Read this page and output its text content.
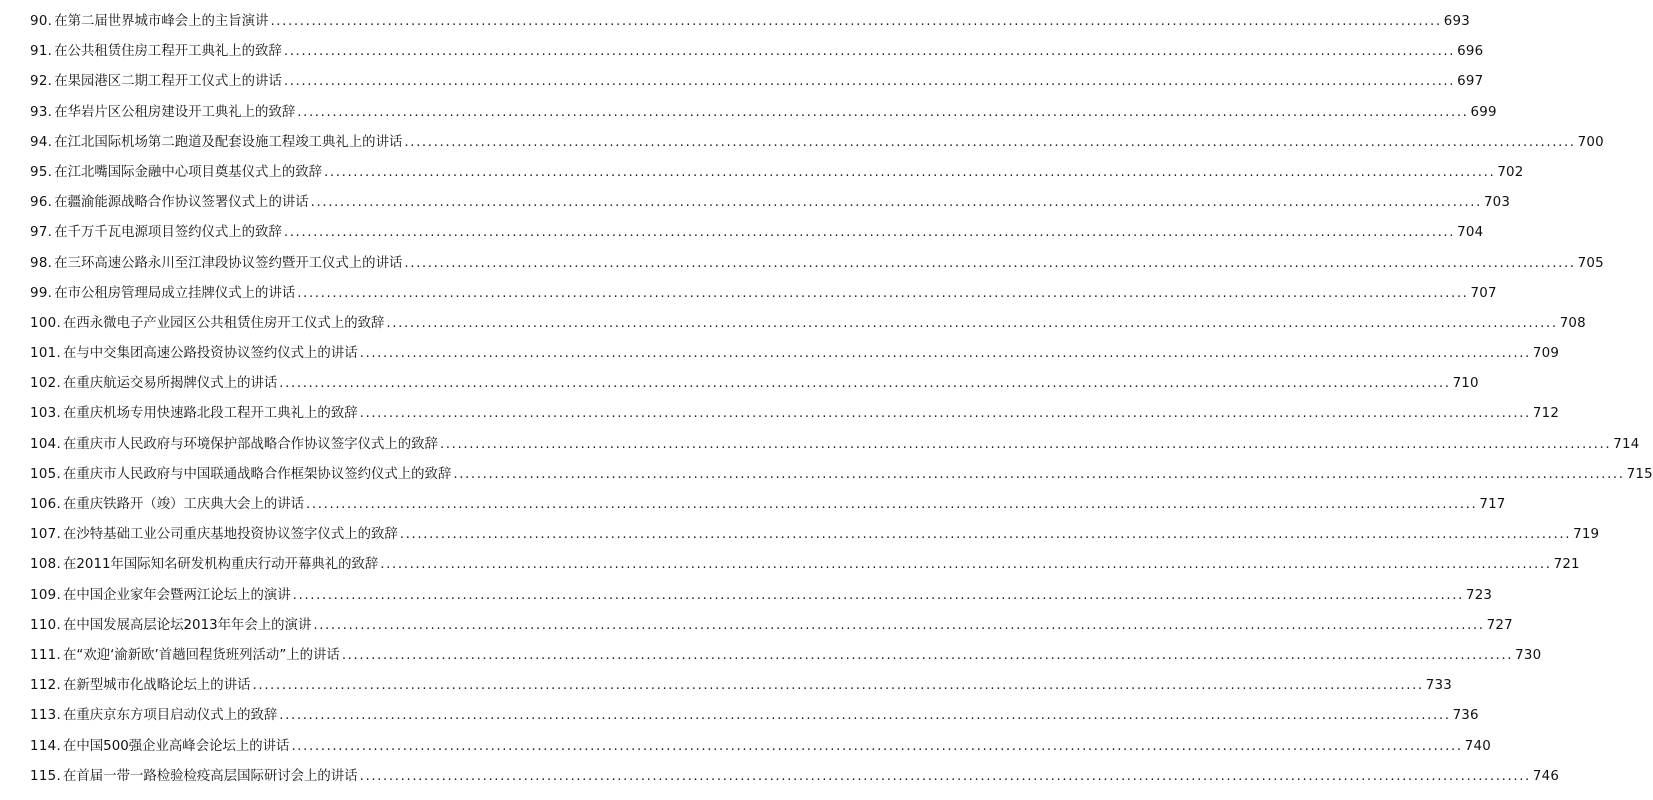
90. 在第二届世界城市峰会上的主旨演讲 ........................................................................................................................................................................................................ 693
91. 在公共租赁住房工程开工典礼上的致辞 ........................................................................................................................................................................................................ 696
92. 在果园港区二期工程开工仪式上的讲话 ........................................................................................................................................................................................................ 697
93. 在华岩片区公租房建设开工典礼上的致辞 ........................................................................................................................................................................................................ 699
94. 在江北国际机场第二跑道及配套设施工程竣工典礼上的讲话 ........................................................................................................................................................................................................ 700
95. 在江北嘴国际金融中心项目奠基仪式上的致辞 ........................................................................................................................................................................................................ 702
96. 在疆渝能源战略合作协议签署仪式上的讲话 ........................................................................................................................................................................................................ 703
97. 在千万千瓦电源项目签约仪式上的致辞 ........................................................................................................................................................................................................ 704
98. 在三环高速公路永川至江津段协议签约暨开工仪式上的讲话 ........................................................................................................................................................................................................ 705
99. 在市公租房管理局成立挂牌仪式上的讲话 ........................................................................................................................................................................................................ 707
100. 在西永微电子产业园区公共租赁住房开工仪式上的致辞 ........................................................................................................................................................................................................ 708
101. 在与中交集团高速公路投资协议签约仪式上的讲话 ........................................................................................................................................................................................................ 709
102. 在重庆航运交易所揭牌仪式上的讲话 ........................................................................................................................................................................................................ 710
103. 在重庆机场专用快速路北段工程开工典礼上的致辞 ........................................................................................................................................................................................................ 712
104. 在重庆市人民政府与环境保护部战略合作协议签字仪式上的致辞 ........................................................................................................................................................................................................ 714
105. 在重庆市人民政府与中国联通战略合作框架协议签约仪式上的致辞 ........................................................................................................................................................................................................ 715
106. 在重庆铁路开（竣）工庆典大会上的讲话 ........................................................................................................................................................................................................ 717
107. 在沙特基础工业公司重庆基地投资协议签字仪式上的致辞 ........................................................................................................................................................................................................ 719
108. 在2011年国际知名研发机构重庆行动开幕典礼的致辞 ........................................................................................................................................................................................................ 721
109. 在中国企业家年会暨两江论坛上的演讲 ........................................................................................................................................................................................................ 723
110. 在中国发展高层论坛2013年年会上的演讲 ........................................................................................................................................................................................................ 727
111. 在“欢迎‘渝新欧’首趟回程货班列活动”上的讲话 ........................................................................................................................................................................................................ 730
112. 在新型城市化战略论坛上的讲话 ........................................................................................................................................................................................................ 733
113. 在重庆京东方项目启动仪式上的致辞 ........................................................................................................................................................................................................ 736
114. 在中国500强企业高峰会论坛上的讲话 ........................................................................................................................................................................................................ 740
115. 在首届一带一路检验检疫高层国际研讨会上的讲话 ........................................................................................................................................................................................................ 746
